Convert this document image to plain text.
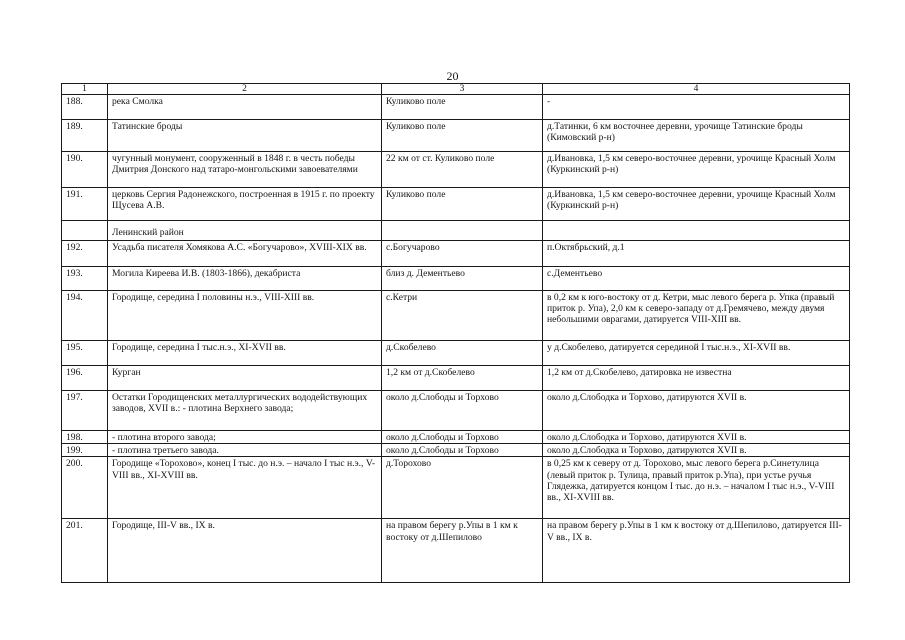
20
1	2	3	4
188.	река Смолка	Куликово поле	-
189.	Татинские броды	Куликово поле	д.Татинки, 6 км восточнее деревни, урочище Татинские броды (Кимовский р-н)
190.	чугунный монумент, сооруженный в 1848 г. в честь победы Дмитрия Донского над татаро-монгольскими завоевателями	22 км от ст. Куликово поле	д.Ивановка, 1,5 км северо-восточнее деревни, урочище Красный Холм (Куркинский р-н)
191.	церковь Сергия Радонежского, построенная в 1915 г. по проекту Щусева А.В.	Куликово поле	д.Ивановка, 1,5 км северо-восточнее деревни, урочище Красный Холм (Куркинский р-н)
	Ленинский район		
192.	Усадьба писателя Хомякова А.С. «Богучарово», XVIII-XIX вв.	с.Богучарово	п.Октябрьский, д.1
193.	Могила Киреева И.В. (1803-1866), декабриста	близ д. Дементьево	с.Дементьево
194.	Городище, середина I половины н.э., VIII-XIII вв.	с.Кетри	в 0,2 км к юго-востоку от д. Кетри, мыс левого берега р. Упка (правый приток р. Упа), 2,0 км к северо-западу от д.Гремячево, между двумя небольшими оврагами, датируется VIII-XIII вв.
195.	Городище, середина I тыс.н.э., XI-XVII вв.	д.Скобелево	у д.Скобелево, датируется серединой I тыс.н.э., XI-XVII вв.
196.	Курган	1,2 км от д.Скобелево	1,2 км от д.Скобелево, датировка не известна
197.	Остатки Городищенских металлургических вододействующих заводов, XVII в.: - плотина Верхнего завода;	около д.Слободы и Торхово	около д.Слободка и Торхово, датируются XVII в.
198.	- плотина второго завода;	около д.Слободы и Торхово	около д.Слободка и Торхово, датируются XVII в.
199.	- плотина третьего завода.	около д.Слободы и Торхово	около д.Слободка и Торхово, датируются XVII в.
200.	Городище «Торохово», конец I тыс. до н.э. – начало I тыс н.э., V-VIII вв., XI-XVIII вв.	д.Торохово	в 0,25 км к северу от д. Торохово, мыс левого берега р.Синетулица (левый приток р. Тулица, правый приток р.Упа), при устье ручья Глядежка, датируется концом I тыс. до н.э. – началом I тыс н.э., V-VIII вв., XI-XVIII вв.
201.	Городище, III-V вв., IX в.	на правом берегу р.Упы в 1 км к востоку от д.Шепилово	на правом берегу р.Упы в 1 км к востоку от д.Шепилово, датируется III-V вв., IX в.
